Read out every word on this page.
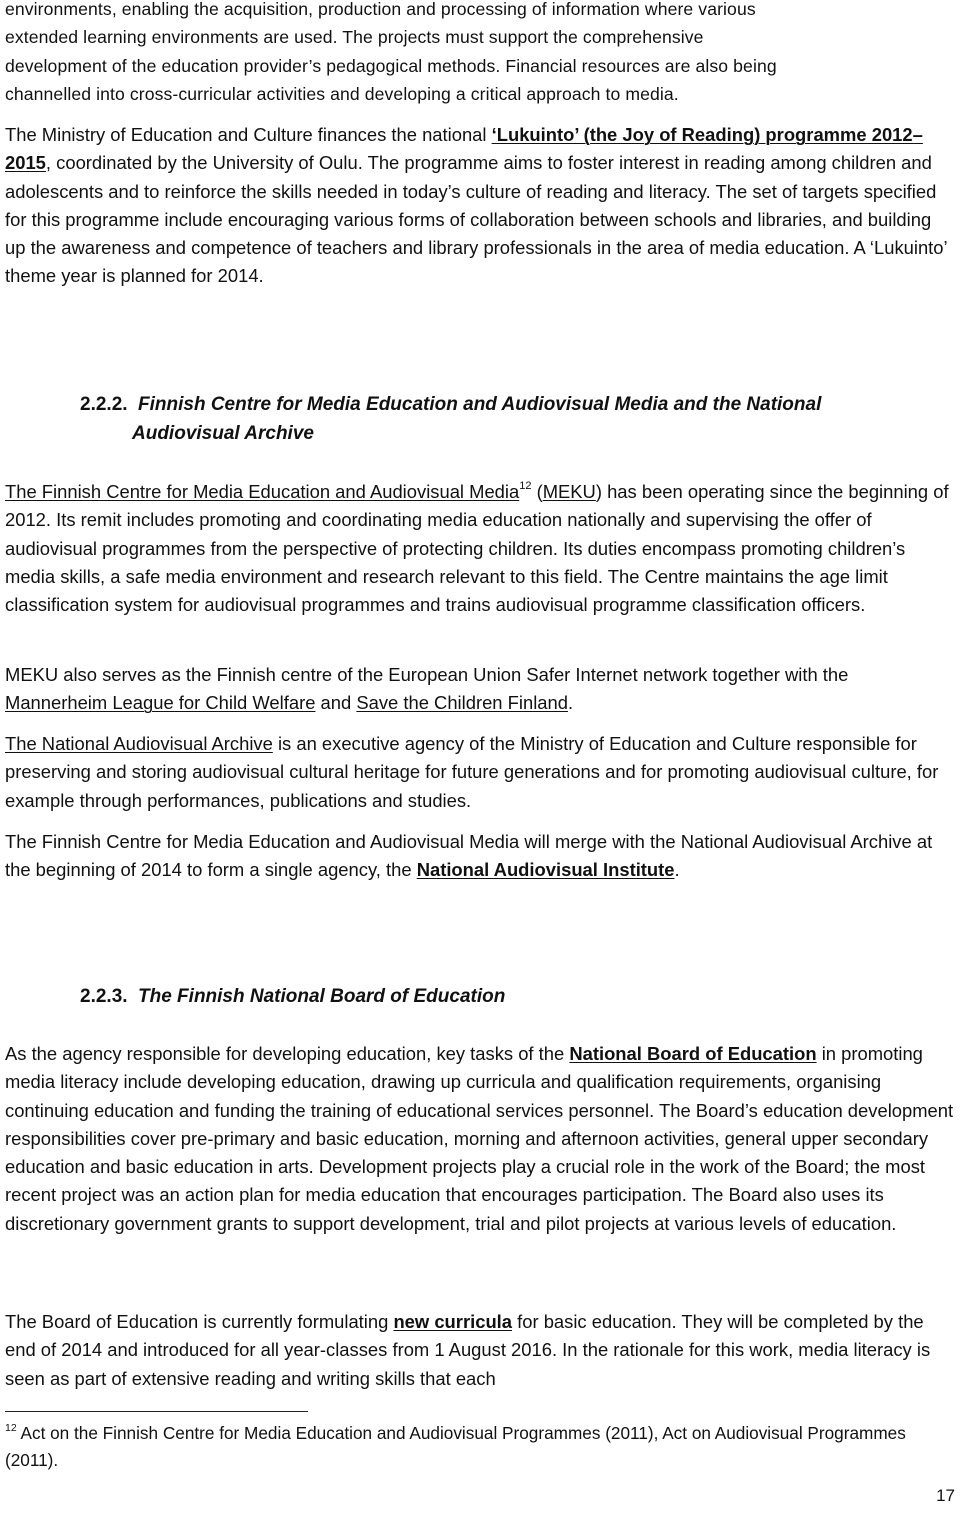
environments, enabling the acquisition, production and processing of information where various
extended learning environments are used. The projects must support the comprehensive
development of the education provider’s pedagogical methods. Financial resources are also being
channelled into cross-curricular activities and developing a critical approach to media.

The Ministry of Education and Culture finances the national ‘Lukuinto’ (the Joy of Reading) programme 2012–2015, coordinated by the University of Oulu. The programme aims to foster interest in reading among children and adolescents and to reinforce the skills needed in today’s culture of reading and literacy. The set of targets specified for this programme include encouraging various forms of collaboration between schools and libraries, and building up the awareness and competence of teachers and library professionals in the area of media education. A ‘Lukuinto’ theme year is planned for 2014.

2.2.2. Finnish Centre for Media Education and Audiovisual Media and the National
Audiovisual Archive

The Finnish Centre for Media Education and Audiovisual Media$^{12}$ (MEKU) has been operating since the beginning of 2012. Its remit includes promoting and coordinating media education nationally and supervising the offer of audiovisual programmes from the perspective of protecting children. Its duties encompass promoting children’s media skills, a safe media environment and research relevant to this field. The Centre maintains the age limit classification system for audiovisual programmes and trains audiovisual programme classification officers.

MEKU also serves as the Finnish centre of the European Union Safer Internet network together with the Mannerheim League for Child Welfare and Save the Children Finland.

The National Audiovisual Archive is an executive agency of the Ministry of Education and Culture responsible for preserving and storing audiovisual cultural heritage for future generations and for promoting audiovisual culture, for example through performances, publications and studies.

The Finnish Centre for Media Education and Audiovisual Media will merge with the National Audiovisual Archive at the beginning of 2014 to form a single agency, the National Audiovisual Institute.

2.2.3. The Finnish National Board of Education

As the agency responsible for developing education, key tasks of the National Board of Education in promoting media literacy include developing education, drawing up curricula and qualification requirements, organising continuing education and funding the training of educational services personnel. The Board’s education development responsibilities cover pre-primary and basic education, morning and afternoon activities, general upper secondary education and basic education in arts. Development projects play a crucial role in the work of the Board; the most recent project was an action plan for media education that encourages participation. The Board also uses its discretionary government grants to support development, trial and pilot projects at various levels of education.

The Board of Education is currently formulating new curricula for basic education. They will be completed by the end of 2014 and introduced for all year-classes from 1 August 2016. In the rationale for this work, media literacy is seen as part of extensive reading and writing skills that each

$^{12}$ Act on the Finnish Centre for Media Education and Audiovisual Programmes (2011), Act on Audiovisual Programmes (2011).

17
